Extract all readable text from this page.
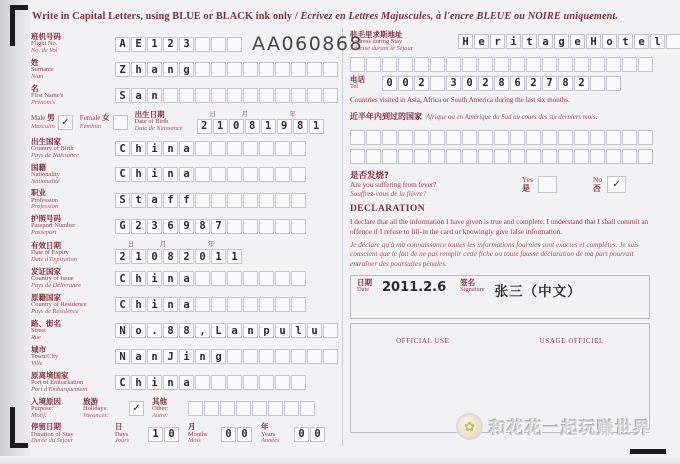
Write in Capital Letters, using BLUE or BLACK ink only / Ecrivez en Lettres Majuscules, à l'encre BLEUE ou NOIRE uniquement.
班机号码
Flight No.
No. de Vol
A E 1 2 3	AA060868
姓
Surname
Nom
Z h a n g
名
First Name's
Prénom's
S a n
Male 男
Masculin ✓ Female 女
Féminin
出生日期
Date of Birth
Date de Naissance
日	月	年
2 1 0 8 1 9 8 1
出生国家
Country of Birth
Pays de Naissance
C h i n a
国籍
Nationality
Nationalité
C h i n a
职业
Profession
Profession
S t a f f
护照号码
Passport Number
Passeport
G 2 3 6 9 8 7
有效日期
Date of Expiry
Date d'Expiration
日	月	年
2 1 0 8 2 0 1 1
发证国家
Country of Issue
Pays de Délivrance
C h i n a
原籍国家
Country of Residence
Pays de Résidence
C h i n a
路、街名
Street
Rue
N o . 8 8 , L a n p u l u
城市
Town/City
Ville
N a n J i n g
原离境国家
Port of Embarkation
Port d'Embarquement
C h i n a
入境原因
Purpose:
Motif:
旅游
Holidays:
Vacances:
✓
其他
Other:
Autre:
停留日期
Duration of Stay
Durée du Séjour
日
Days
Jours
1 0
月
Months
Mois
0 0
年
Years
Années
0 0
驻毛里求斯地址
Address during Stay
Adresse durant le Séjour
H e r i t a g e H o t e l
电话
Tel	0 0 2	3 0 2 8 6 2 7 8 2
Countries visited in Asia, Africa or South America during the last six months.
近半年内到过的国家 Afrique ou en Amérique du Sud au cours des six derniers mois.
是否发烧?
Are you suffering from fever?
Souffrez-vous de la fièvre?
Yes
是
No
否 ✓
DECLARATION
I declare that all the information I have given is true and complete. I understand that I shall commit an offence if I refuse to fill-in the card or knowingly give false information.
Je déclare qu'à ma connaissance toutes les informations fournies sont exactes et complètes. Je suis conscient que le fait de ne pas remplir cette fiche ou toute fausse déclaration de ma part pourrait entraîner des poursuites pénales.
日期
Date 2011.2.6 签名
Signature 张三（中文）
OFFICIAL USE	USAGE OFFICIEL
✿ 和花花一起玩赚世界
